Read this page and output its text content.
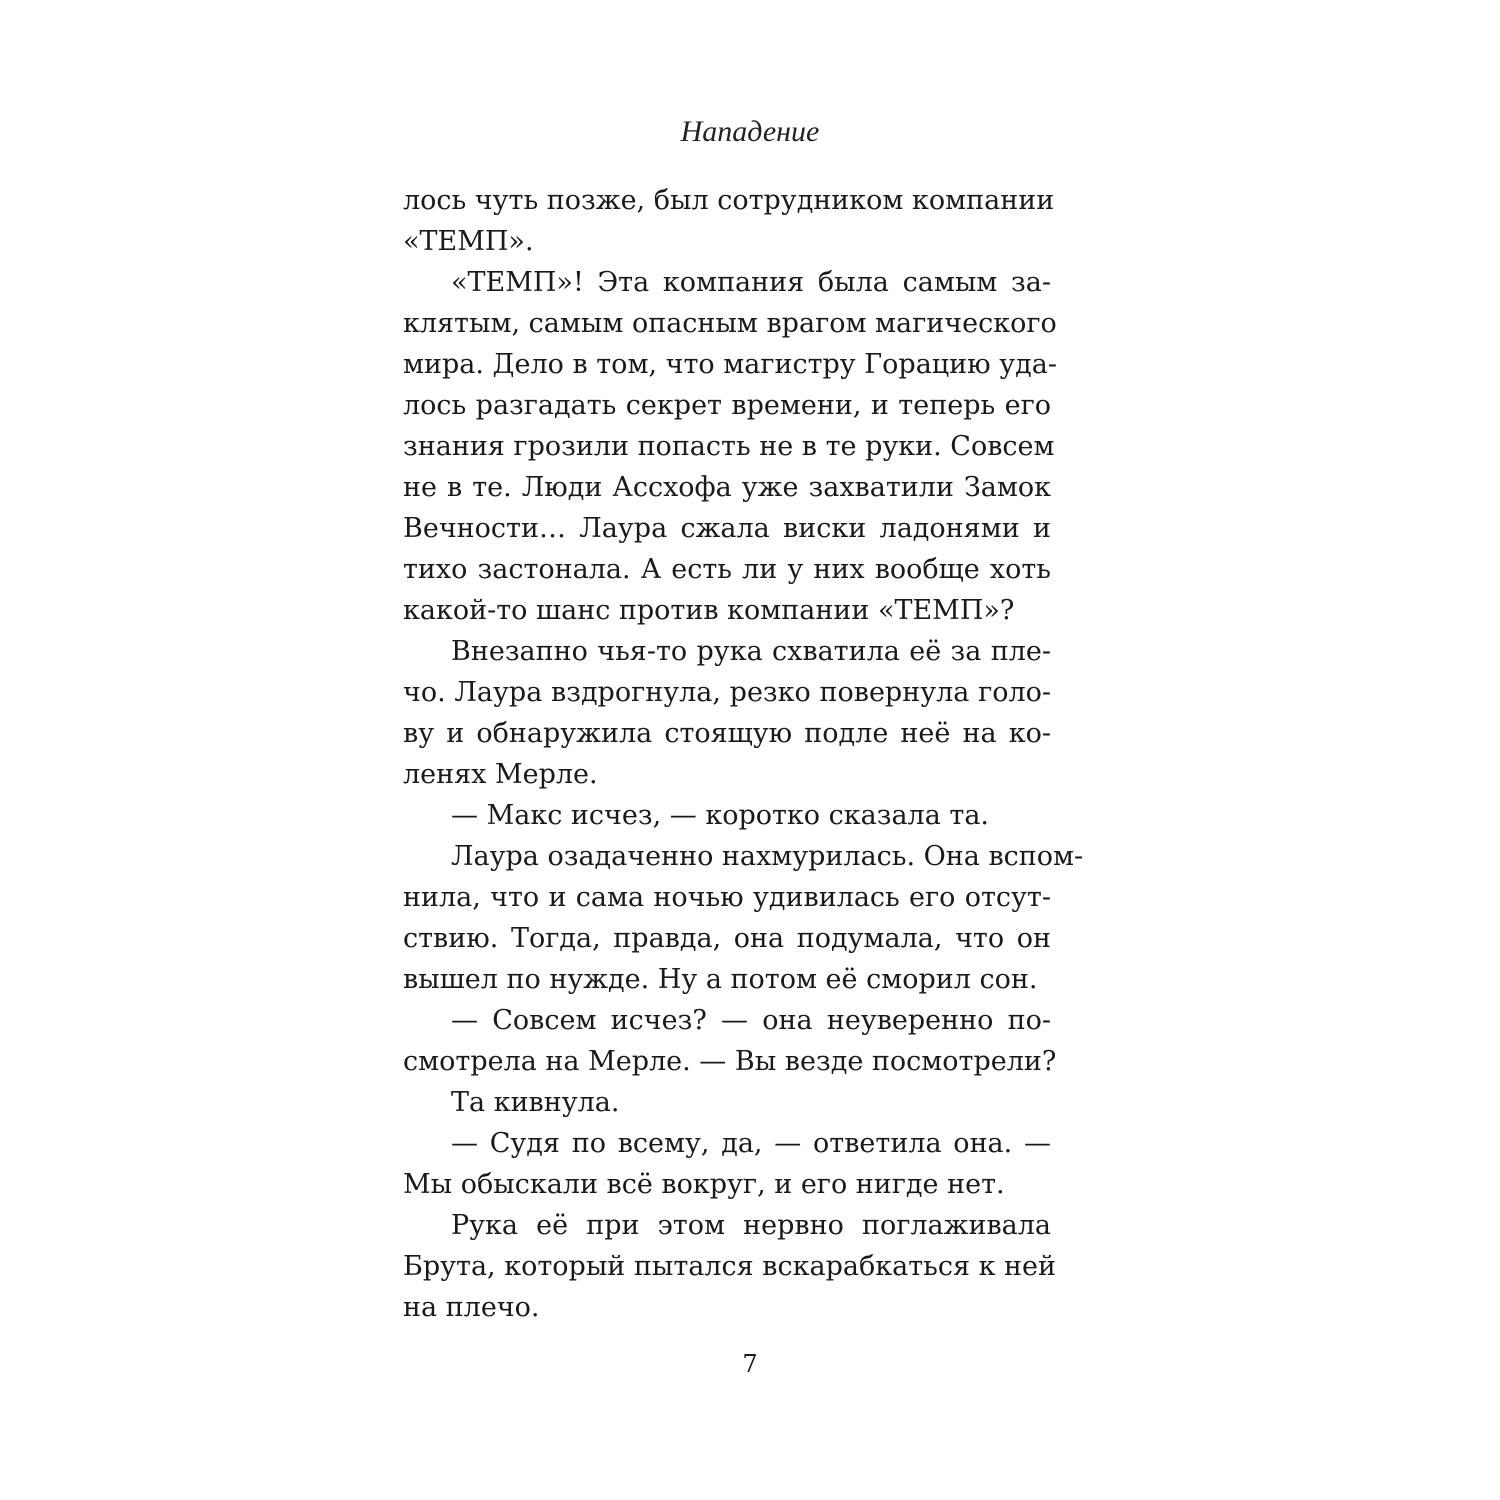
Нападение
лось чуть позже, был сотрудником компании
«ТЕМП».
«ТЕМП»! Эта компания была самым за-
клятым, самым опасным врагом магического
мира. Дело в том, что магистру Горацию уда-
лось разгадать секрет времени, и теперь его
знания грозили попасть не в те руки. Совсем
не в те. Люди Ассхофа уже захватили Замок
Вечности… Лаура сжала виски ладонями и
тихо застонала. А есть ли у них вообще хоть
какой-то шанс против компании «ТЕМП»?
Внезапно чья-то рука схватила её за пле-
чо. Лаура вздрогнула, резко повернула голо-
ву и обнаружила стоящую подле неё на ко-
ленях Мерле.
— Макс исчез, — коротко сказала та.
Лаура озадаченно нахмурилась. Она вспом-
нила, что и сама ночью удивилась его отсут-
ствию. Тогда, правда, она подумала, что он
вышел по нужде. Ну а потом её сморил сон.
— Совсем исчез? — она неуверенно по-
смотрела на Мерле. — Вы везде посмотрели?
Та кивнула.
— Судя по всему, да, — ответила она. —
Мы обыскали всё вокруг, и его нигде нет.
Рука её при этом нервно поглаживала
Брута, который пытался вскарабкаться к ней
на плечо.
7
